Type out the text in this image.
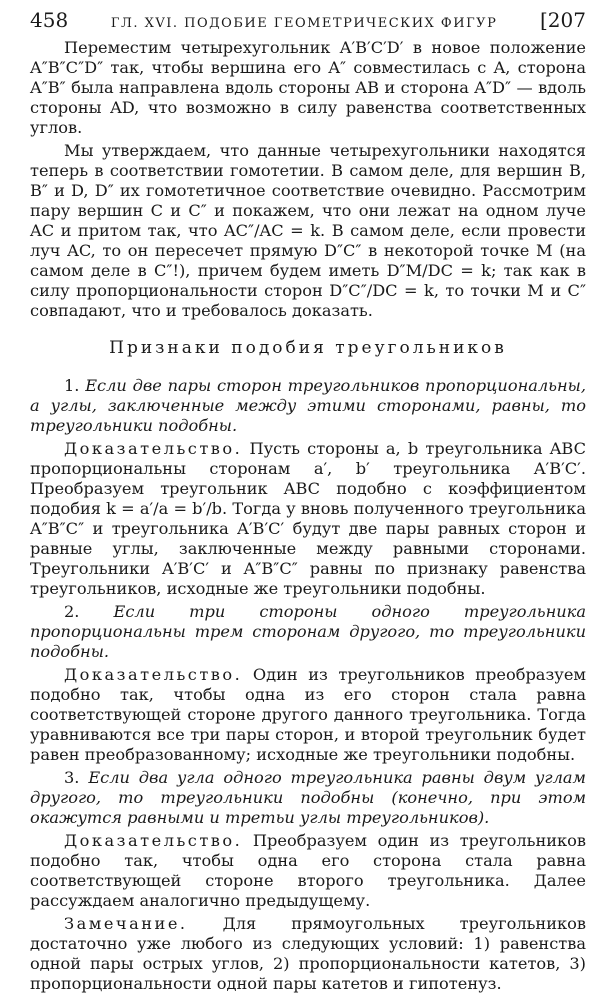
458	ГЛ. XVI. ПОДОБИЕ ГЕОМЕТРИЧЕСКИХ ФИГУР [207

Переместим четырехугольник A′B′C′D′ в новое положение A″B″C″D″ так, чтобы вершина его A″ совместилась с A, сторона A″B″ была направлена вдоль стороны AB и сторона A″D″ — вдоль стороны AD, что возможно в силу равенства соответственных углов.

Мы утверждаем, что данные четырехугольники находятся теперь в соответствии гомотетии. В самом деле, для вершин B, B″ и D, D″ их гомотетичное соответствие очевидно. Рассмотрим пару вершин C и C″ и покажем, что они лежат на одном луче AC и притом так, что AC″/AC = k. В самом деле, если провести луч AC, то он пересечет прямую D″C″ в некоторой точке M (на самом деле в C″!), причем будем иметь D″M/DC = k; так как в силу пропорциональности сторон D″C″/DC = k, то точки M и C″ совпадают, что и требовалось доказать.

Признаки подобия треугольников

1. Если две пары сторон треугольников пропорциональны, а углы, заключенные между этими сторонами, равны, то треугольники подобны.

Доказательство. Пусть стороны a, b треугольника ABC пропорциональны сторонам a′, b′ треугольника A′B′C′. Преобразуем треугольник ABC подобно с коэффициентом подобия k = a′/a = b′/b. Тогда у вновь полученного треугольника A″B″C″ и треугольника A′B′C′ будут две пары равных сторон и равные углы, заключенные между равными сторонами. Треугольники A′B′C′ и A″B″C″ равны по признаку равенства треугольников, исходные же треугольники подобны.

2. Если три стороны одного треугольника пропорциональны трем сторонам другого, то треугольники подобны.

Доказательство. Один из треугольников преобразуем подобно так, чтобы одна из его сторон стала равна соответствующей стороне другого данного треугольника. Тогда уравниваются все три пары сторон, и второй треугольник будет равен преобразованному; исходные же треугольники подобны.

3. Если два угла одного треугольника равны двум углам другого, то треугольники подобны (конечно, при этом окажутся равными и третьи углы треугольников).

Доказательство. Преобразуем один из треугольников подобно так, чтобы одна его сторона стала равна соответствующей стороне второго треугольника. Далее рассуждаем аналогично предыдущему.

Замечание. Для прямоугольных треугольников достаточно уже любого из следующих условий: 1) равенства одной пары острых углов, 2) пропорциональности катетов, 3) пропорциональности одной пары катетов и гипотенуз.
